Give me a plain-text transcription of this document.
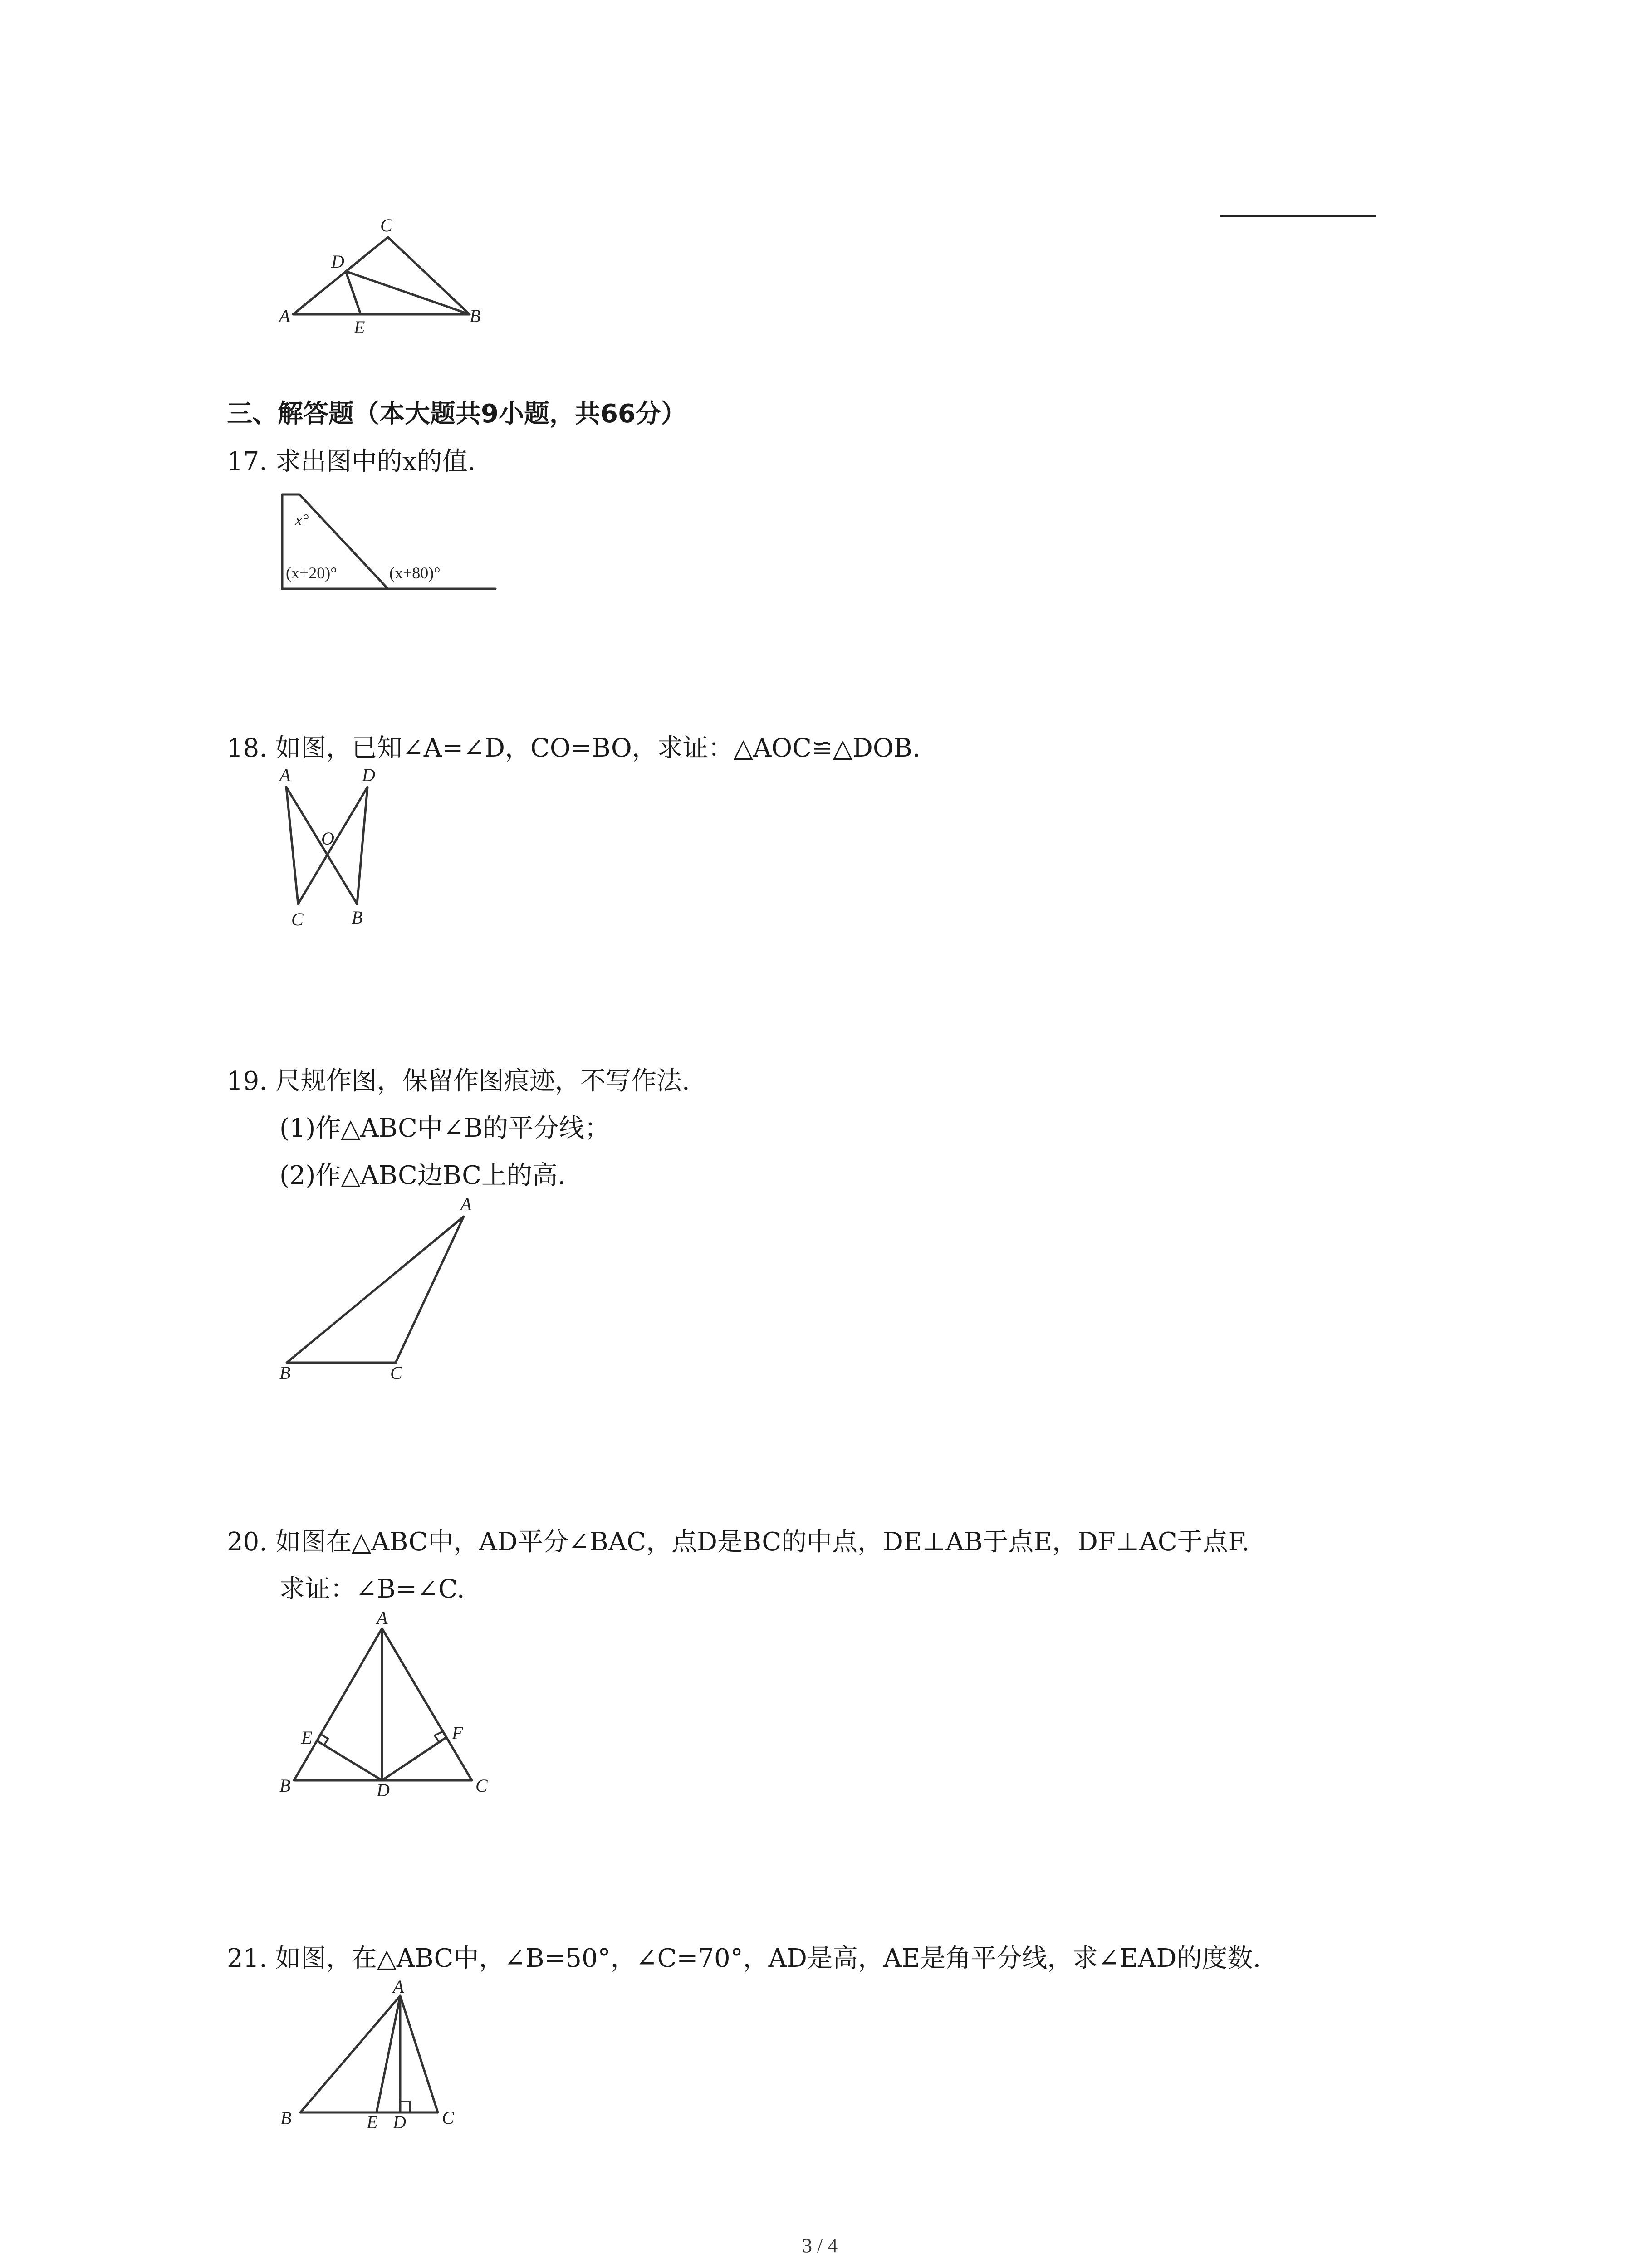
C
D
A
E
B
三、解答题（本大题共9小题，共66分）
17. 求出图中的x的值.
x°
(x+20)°	(x+80)°
18. 如图，已知∠A=∠D，CO=BO，求证：△AOC≌△DOB.
A	D
O
C	B
19. 尺规作图，保留作图痕迹，不写作法.
(1)作△ABC中∠B的平分线；
(2)作△ABC边BC上的高.
A
B	C
20. 如图在△ABC中，AD平分∠BAC，点D是BC的中点，DE⊥AB于点E，DF⊥AC于点F.
求证：∠B=∠C.
A
E	F
B	D	C
21. 如图，在△ABC中，∠B=50°，∠C=70°，AD是高，AE是角平分线，求∠EAD的度数.
A
B	E D C
3 / 4
